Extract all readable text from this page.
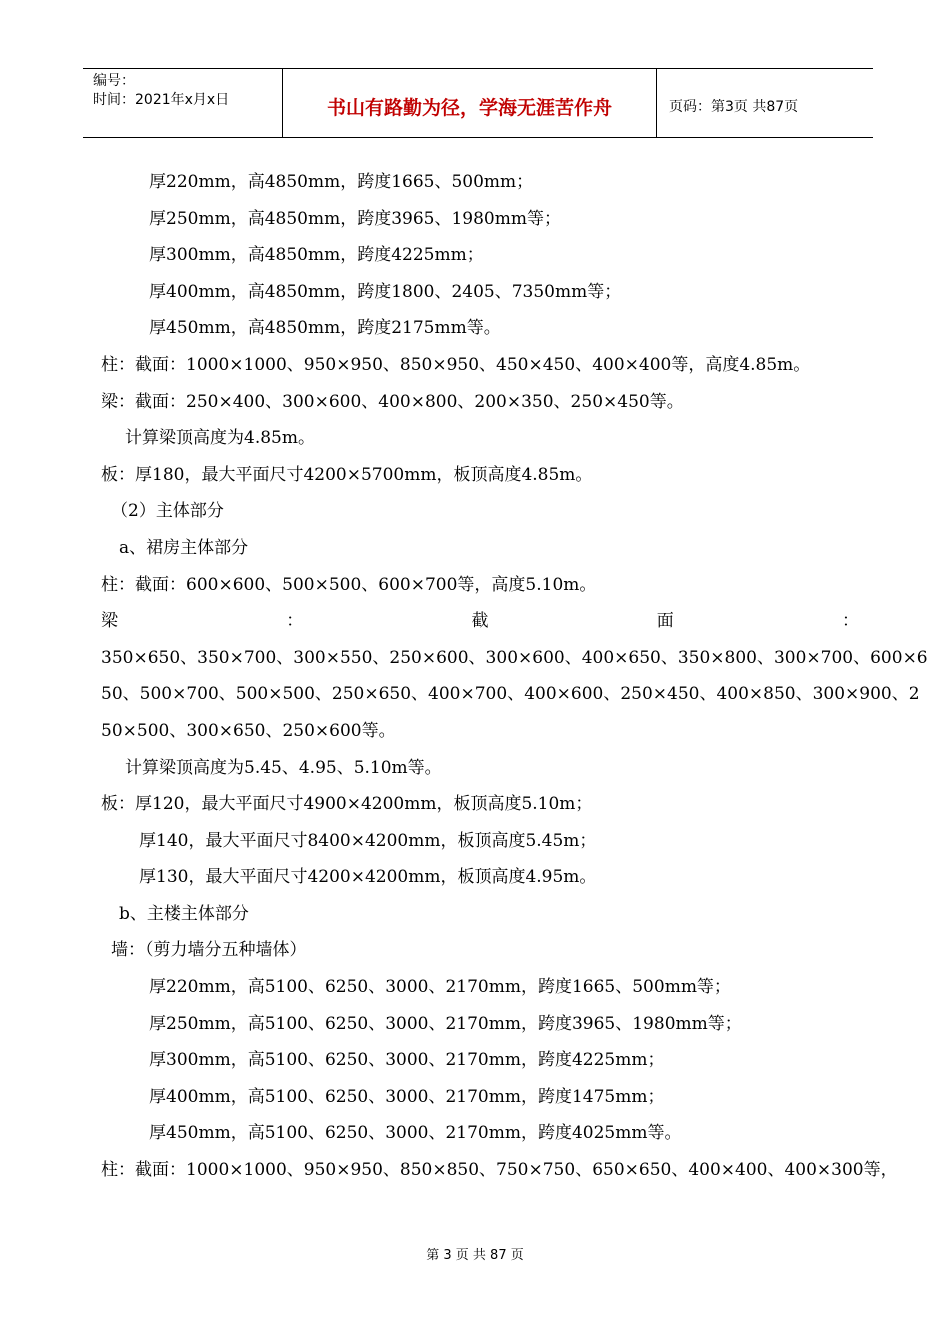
编号：
时间：2021年x月x日	书山有路勤为径，学海无涯苦作舟	页码：第3页 共87页
厚220mm，高4850mm，跨度1665、500mm；
厚250mm，高4850mm，跨度3965、1980mm等；
厚300mm，高4850mm，跨度4225mm；
厚400mm，高4850mm，跨度1800、2405、7350mm等；
厚450mm，高4850mm，跨度2175mm等。
柱：截面：1000×1000、950×950、850×950、450×450、400×400等，高度4.85m。
梁：截面：250×400、300×600、400×800、200×350、250×450等。
计算梁顶高度为4.85m。
板：厚180，最大平面尺寸4200×5700mm，板顶高度4.85m。
（2）主体部分
a、裙房主体部分
柱：截面：600×600、500×500、600×700等，高度5.10m。
梁	：	截	面	：
350×650、350×700、300×550、250×600、300×600、400×650、350×800、300×700、600×6
50、500×700、500×500、250×650、400×700、400×600、250×450、400×850、300×900、2
50×500、300×650、250×600等。
计算梁顶高度为5.45、4.95、5.10m等。
板：厚120，最大平面尺寸4900×4200mm，板顶高度5.10m；
厚140，最大平面尺寸8400×4200mm，板顶高度5.45m；
厚130，最大平面尺寸4200×4200mm，板顶高度4.95m。
b、主楼主体部分
墙：（剪力墙分五种墙体）
厚220mm，高5100、6250、3000、2170mm，跨度1665、500mm等；
厚250mm，高5100、6250、3000、2170mm，跨度3965、1980mm等；
厚300mm，高5100、6250、3000、2170mm，跨度4225mm；
厚400mm，高5100、6250、3000、2170mm，跨度1475mm；
厚450mm，高5100、6250、3000、2170mm，跨度4025mm等。
柱：截面：1000×1000、950×950、850×850、750×750、650×650、400×400、400×300等，
第 3 页 共 87 页
